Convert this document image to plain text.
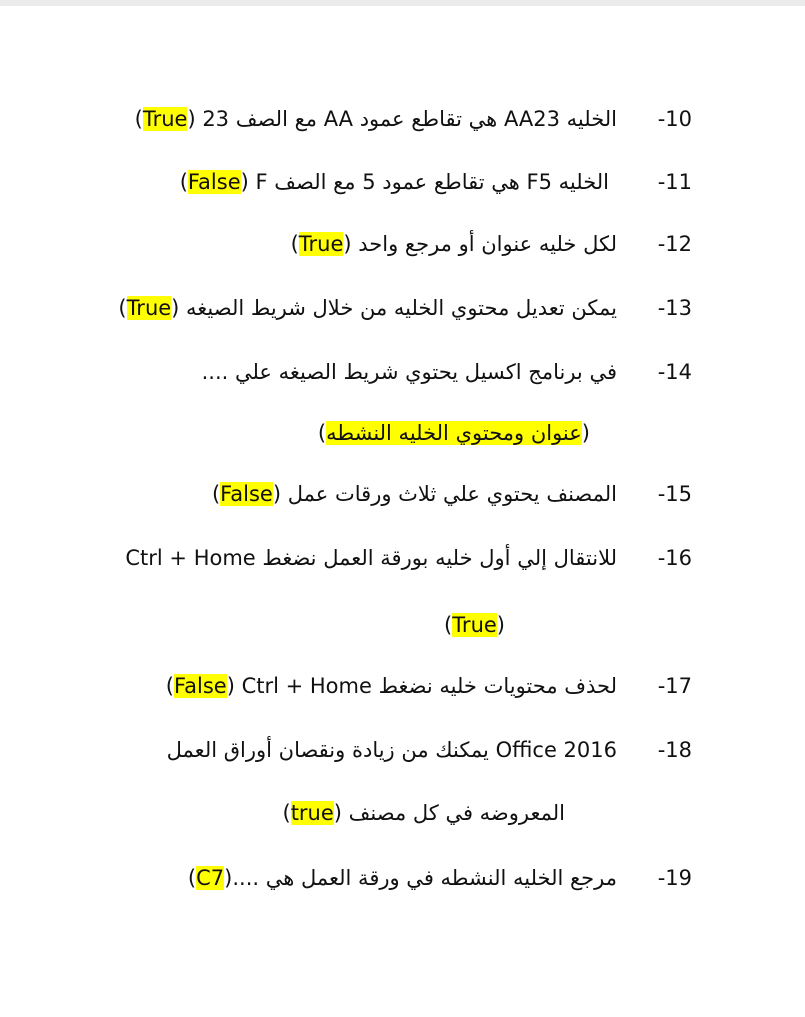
-10
الخليه AA23 هي تقاطع عمود AA مع الصف 23 (True)
-11
الخليه F5 هي تقاطع عمود 5 مع الصف F (False)
-12
لكل خليه عنوان أو مرجع واحد (True)
-13
يمكن تعديل محتوي الخليه من خلال شريط الصيغه (True)
-14
في برنامج اكسيل يحتوي شريط الصيغه علي ....
(عنوان ومحتوي الخليه النشطه)
-15
المصنف يحتوي علي ثلاث ورقات عمل (False)
-16
للانتقال إلي أول خليه بورقة العمل نضغط Ctrl + Home
(True)
-17
لحذف محتويات خليه نضغط Ctrl + Home (False)
-18
Office 2016 يمكنك من زيادة ونقصان أوراق العمل
المعروضه في كل مصنف (true)
-19
مرجع الخليه النشطه في ورقة العمل هي ....(C7)
